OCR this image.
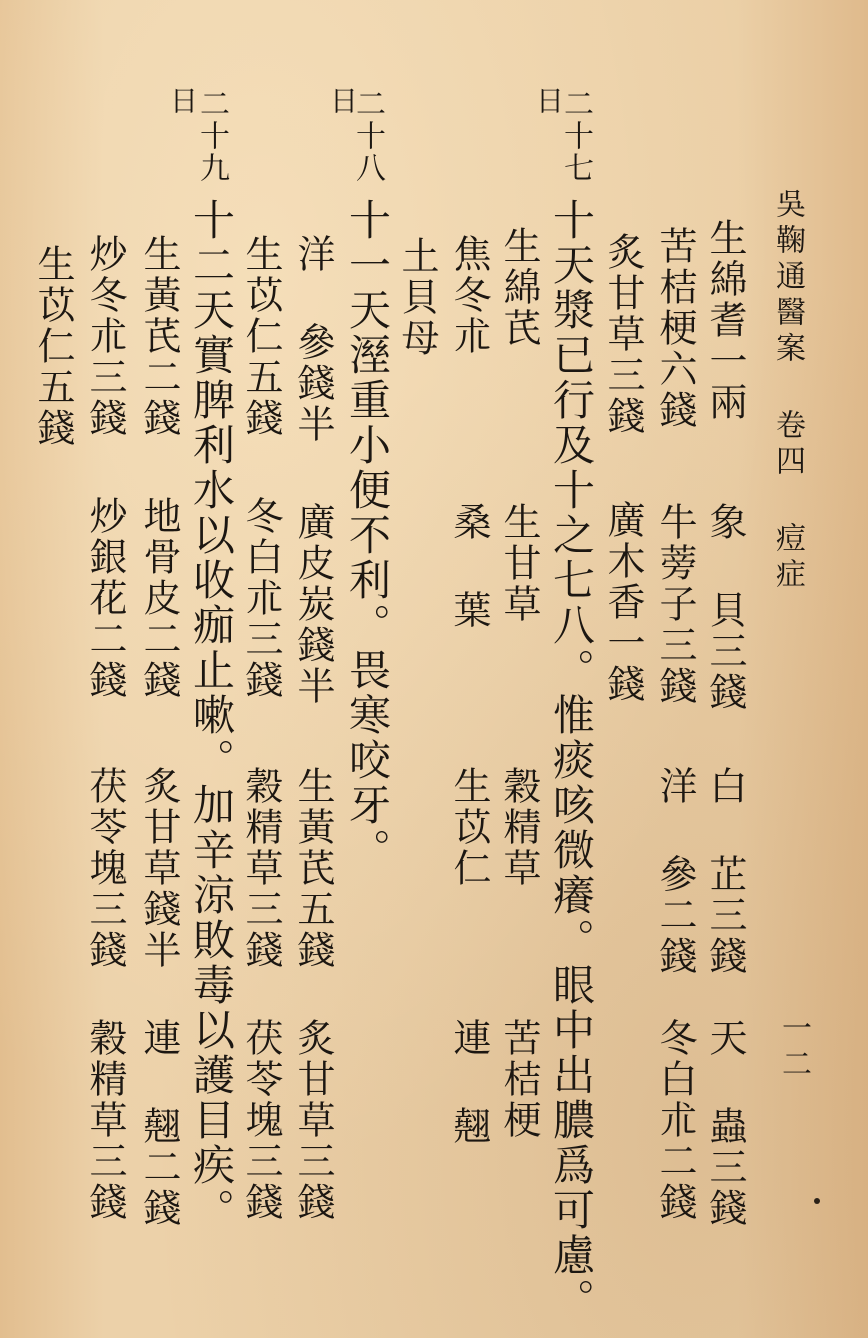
吳鞠通醫案 卷四 痘症
一二
生綿耆一兩
象 貝三錢
白 芷三錢
天 蟲三錢
苦桔梗六錢
牛蒡子三錢
洋 參二錢
冬白朮二錢
炙甘草三錢
廣木香一錢
二十七
日
十天漿已行及十之七八。惟痰咳微癢。眼中出膿爲可慮。
生綿芪
生甘草
穀精草
苦桔梗
焦冬朮
桑 葉
生苡仁
連 翹
土貝母
二十八
日
十一天溼重小便不利。畏寒咬牙。
洋 參錢半
廣皮炭錢半
生黃芪五錢
炙甘草三錢
生苡仁五錢
冬白朮三錢
穀精草三錢
茯苓塊三錢
二十九
日
十二天實脾利水以收痂止嗽。加辛涼敗毒以護目疾。
生黃芪二錢
地骨皮二錢
炙甘草錢半
連 翹二錢
炒冬朮三錢
炒銀花二錢
茯苓塊三錢
穀精草三錢
生苡仁五錢
